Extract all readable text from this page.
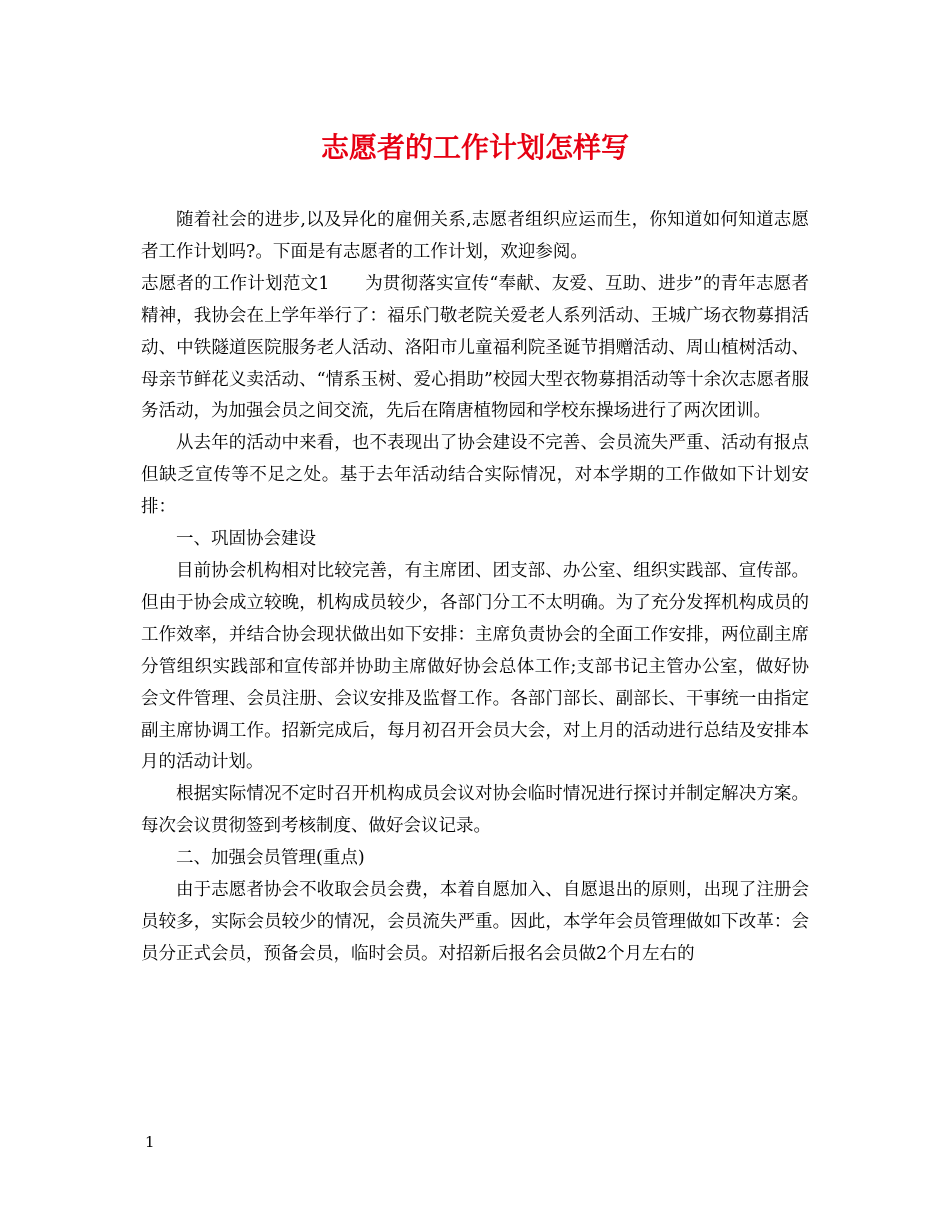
志愿者的工作计划怎样写

随着社会的进步,以及异化的雇佣关系,志愿者组织应运而生，你知道如何知道志愿者工作计划吗?。下面是有志愿者的工作计划，欢迎参阅。

志愿者的工作计划范文1　　为贯彻落实宣传“奉献、友爱、互助、进步”的青年志愿者精神，我协会在上学年举行了：福乐门敬老院关爱老人系列活动、王城广场衣物募捐活动、中铁隧道医院服务老人活动、洛阳市儿童福利院圣诞节捐赠活动、周山植树活动、母亲节鲜花义卖活动、“情系玉树、爱心捐助”校园大型衣物募捐活动等十余次志愿者服务活动，为加强会员之间交流，先后在隋唐植物园和学校东操场进行了两次团训。

从去年的活动中来看，也不表现出了协会建设不完善、会员流失严重、活动有报点但缺乏宣传等不足之处。基于去年活动结合实际情况，对本学期的工作做如下计划安排：

一、巩固协会建设

目前协会机构相对比较完善，有主席团、团支部、办公室、组织实践部、宣传部。但由于协会成立较晚，机构成员较少，各部门分工不太明确。为了充分发挥机构成员的工作效率，并结合协会现状做出如下安排：主席负责协会的全面工作安排，两位副主席分管组织实践部和宣传部并协助主席做好协会总体工作;支部书记主管办公室，做好协会文件管理、会员注册、会议安排及监督工作。各部门部长、副部长、干事统一由指定副主席协调工作。招新完成后，每月初召开会员大会，对上月的活动进行总结及安排本月的活动计划。

根据实际情况不定时召开机构成员会议对协会临时情况进行探讨并制定解决方案。每次会议贯彻签到考核制度、做好会议记录。

二、加强会员管理(重点)

由于志愿者协会不收取会员会费，本着自愿加入、自愿退出的原则，出现了注册会员较多，实际会员较少的情况，会员流失严重。因此，本学年会员管理做如下改革：会员分正式会员，预备会员，临时会员。对招新后报名会员做2个月左右的

1
